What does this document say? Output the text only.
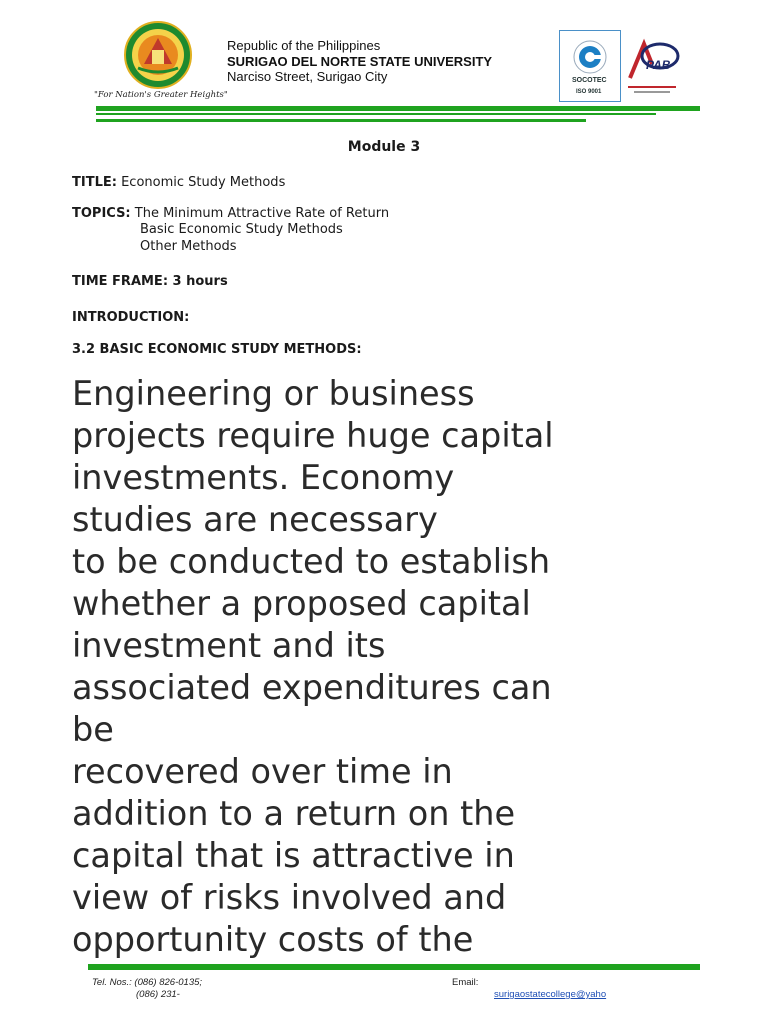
"For Nation's Greater Heights"
Republic of the Philippines
SURIGAO DEL NORTE STATE UNIVERSITY
Narciso Street, Surigao City	SOCOTEC
ISO 9001
PAB
Module 3
TITLE: Economic Study Methods
TOPICS: The Minimum Attractive Rate of Return
Basic Economic Study Methods
Other Methods
TIME FRAME: 3 hours
INTRODUCTION:
3.2 BASIC ECONOMIC STUDY METHODS:
Engineering or business
projects require huge capital
investments. Economy
studies are necessary
to be conducted to establish
whether a proposed capital
investment and its
associated expenditures can
be
recovered over time in
addition to a return on the
capital that is attractive in
view of risks involved and
opportunity costs of the
Tel. Nos.: (086) 826-0135;
(086) 231-
Email:
surigaostatecollege@yaho
